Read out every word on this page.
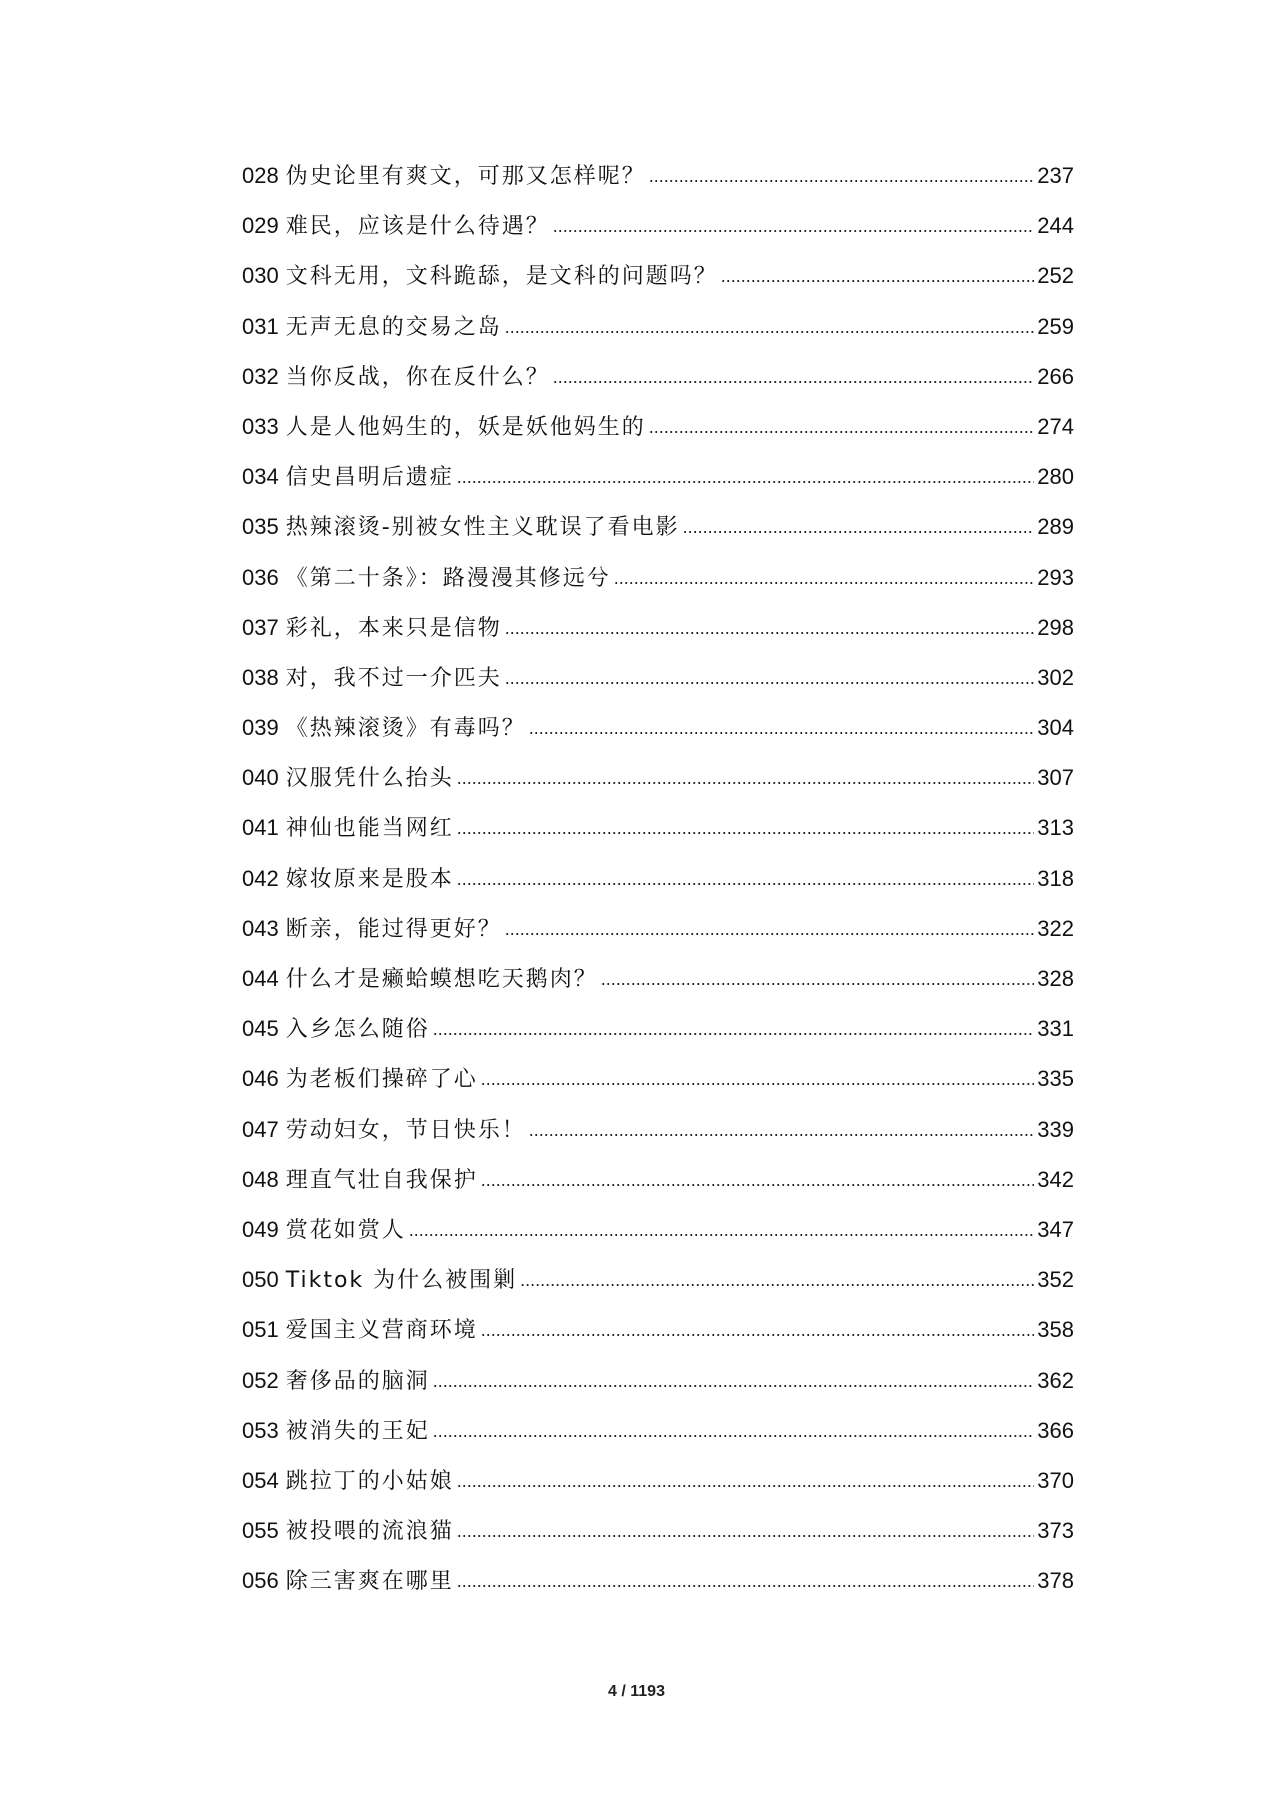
028 伪史论里有爽文，可那又怎样呢？ .....	237
029 难民，应该是什么待遇？ .....	244
030 文科无用，文科跪舔，是文科的问题吗？ .....	252
031 无声无息的交易之岛 .....	259
032 当你反战，你在反什么？ .....	266
033 人是人他妈生的，妖是妖他妈生的 .....	274
034 信史昌明后遗症 .....	280
035 热辣滚烫-别被女性主义耽误了看电影 .....	289
036 《第二十条》：路漫漫其修远兮 .....	293
037 彩礼，本来只是信物 .....	298
038 对，我不过一介匹夫 .....	302
039 《热辣滚烫》有毒吗？ .....	304
040 汉服凭什么抬头 .....	307
041 神仙也能当网红 .....	313
042 嫁妆原来是股本 .....	318
043 断亲，能过得更好？ .....	322
044 什么才是癞蛤蟆想吃天鹅肉？ .....	328
045 入乡怎么随俗 .....	331
046 为老板们操碎了心 .....	335
047 劳动妇女，节日快乐！ .....	339
048 理直气壮自我保护 .....	342
049 赏花如赏人 .....	347
050 Tiktok 为什么被围剿 .....	352
051 爱国主义营商环境 .....	358
052 奢侈品的脑洞 .....	362
053 被消失的王妃 .....	366
054 跳拉丁的小姑娘 .....	370
055 被投喂的流浪猫 .....	373
056 除三害爽在哪里 .....	378
4 / 1193
